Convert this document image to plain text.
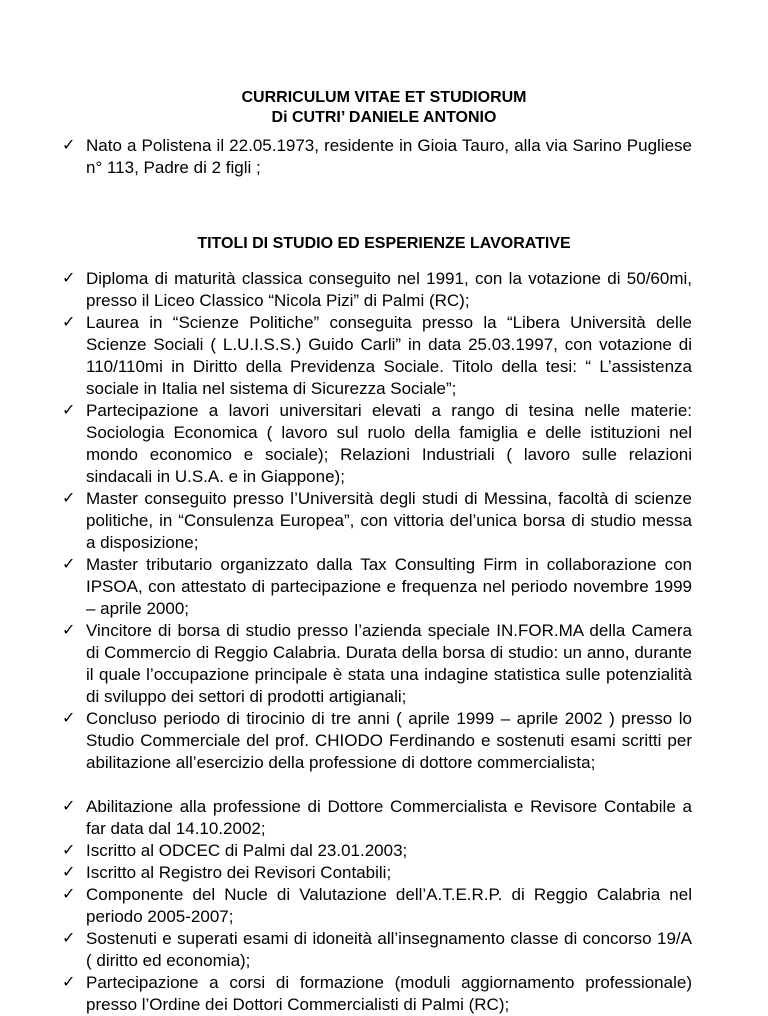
CURRICULUM VITAE ET STUDIORUM
Di CUTRI’ DANIELE ANTONIO
✓ Nato a Polistena il 22.05.1973, residente in Gioia Tauro, alla via Sarino Pugliese n° 113, Padre di 2 figli ;
TITOLI DI STUDIO ED ESPERIENZE LAVORATIVE
✓ Diploma di maturità classica conseguito nel 1991, con la votazione di 50/60mi, presso il Liceo Classico “Nicola Pizi” di Palmi (RC);
✓ Laurea in “Scienze Politiche” conseguita presso la “Libera Università delle Scienze Sociali ( L.U.I.S.S.) Guido Carli” in data 25.03.1997, con votazione di 110/110mi in Diritto della Previdenza Sociale. Titolo della tesi: “ L’assistenza sociale in Italia nel sistema di Sicurezza Sociale”;
✓ Partecipazione a lavori universitari elevati a rango di tesina nelle materie: Sociologia Economica ( lavoro sul ruolo della famiglia e delle istituzioni nel mondo economico e sociale); Relazioni Industriali ( lavoro sulle relazioni sindacali in U.S.A. e in Giappone);
✓ Master conseguito presso l’Università degli studi di Messina, facoltà di scienze politiche, in “Consulenza Europea”, con vittoria del’unica borsa di studio messa a disposizione;
✓ Master tributario organizzato dalla Tax Consulting Firm in collaborazione con IPSOA, con attestato di partecipazione e frequenza nel periodo novembre 1999 – aprile 2000;
✓ Vincitore di borsa di studio presso l’azienda speciale IN.FOR.MA della Camera di Commercio di Reggio Calabria. Durata della borsa di studio: un anno, durante il quale l’occupazione principale è stata una indagine statistica sulle potenzialità di sviluppo dei settori di prodotti artigianali;
✓ Concluso periodo di tirocinio di tre anni ( aprile 1999 – aprile 2002 ) presso lo Studio Commerciale del prof. CHIODO Ferdinando e sostenuti esami scritti per abilitazione all’esercizio della professione di dottore commercialista;
✓ Abilitazione alla professione di Dottore Commercialista e Revisore Contabile a far data dal 14.10.2002;
✓ Iscritto al ODCEC di Palmi dal 23.01.2003;
✓ Iscritto al Registro dei Revisori Contabili;
✓ Componente del Nucle di Valutazione dell’A.T.E.R.P. di Reggio Calabria nel periodo 2005-2007;
✓ Sostenuti e superati esami di idoneità all’insegnamento classe di concorso 19/A ( diritto ed economia);
✓ Partecipazione a corsi di formazione (moduli aggiornamento professionale) presso l’Ordine dei Dottori Commercialisti di Palmi (RC);
